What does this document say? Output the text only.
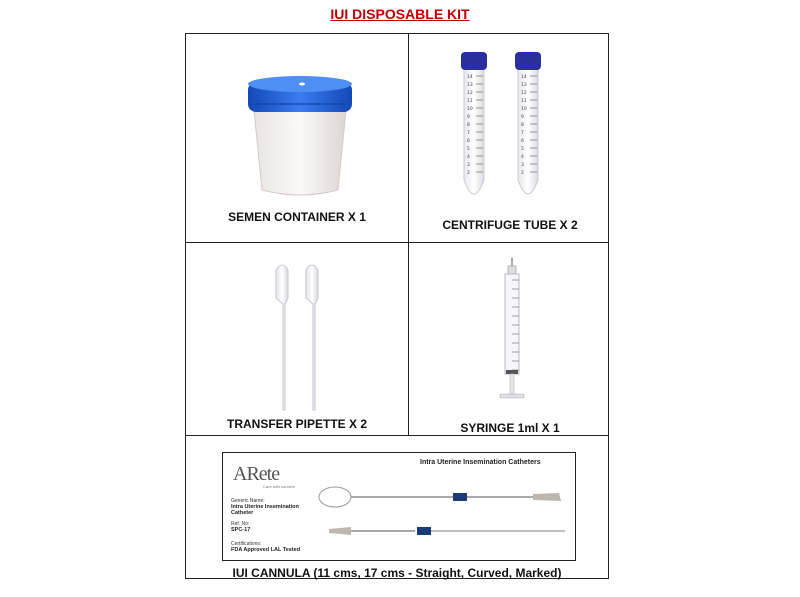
IUI DISPOSABLE KIT
SEMEN CONTAINER X 1
14
13
12
11
10
9
8
7
6
5
4
3
2
14
13
12
11
10
9
8
7
6
5
4
3
2
CENTRIFUGE TUBE X 2
TRANSFER PIPETTE X 2	SYRINGE 1ml X 1
ARete
Care with concern
Intra Uterine Insemination Catheters
Generic Name:
Intra Uterine Insemination Catheter
Ref. No:
SPC-17
Certifications:
FDA Approved LAL Tested
IUI CANNULA (11 cms, 17 cms - Straight, Curved, Marked)
